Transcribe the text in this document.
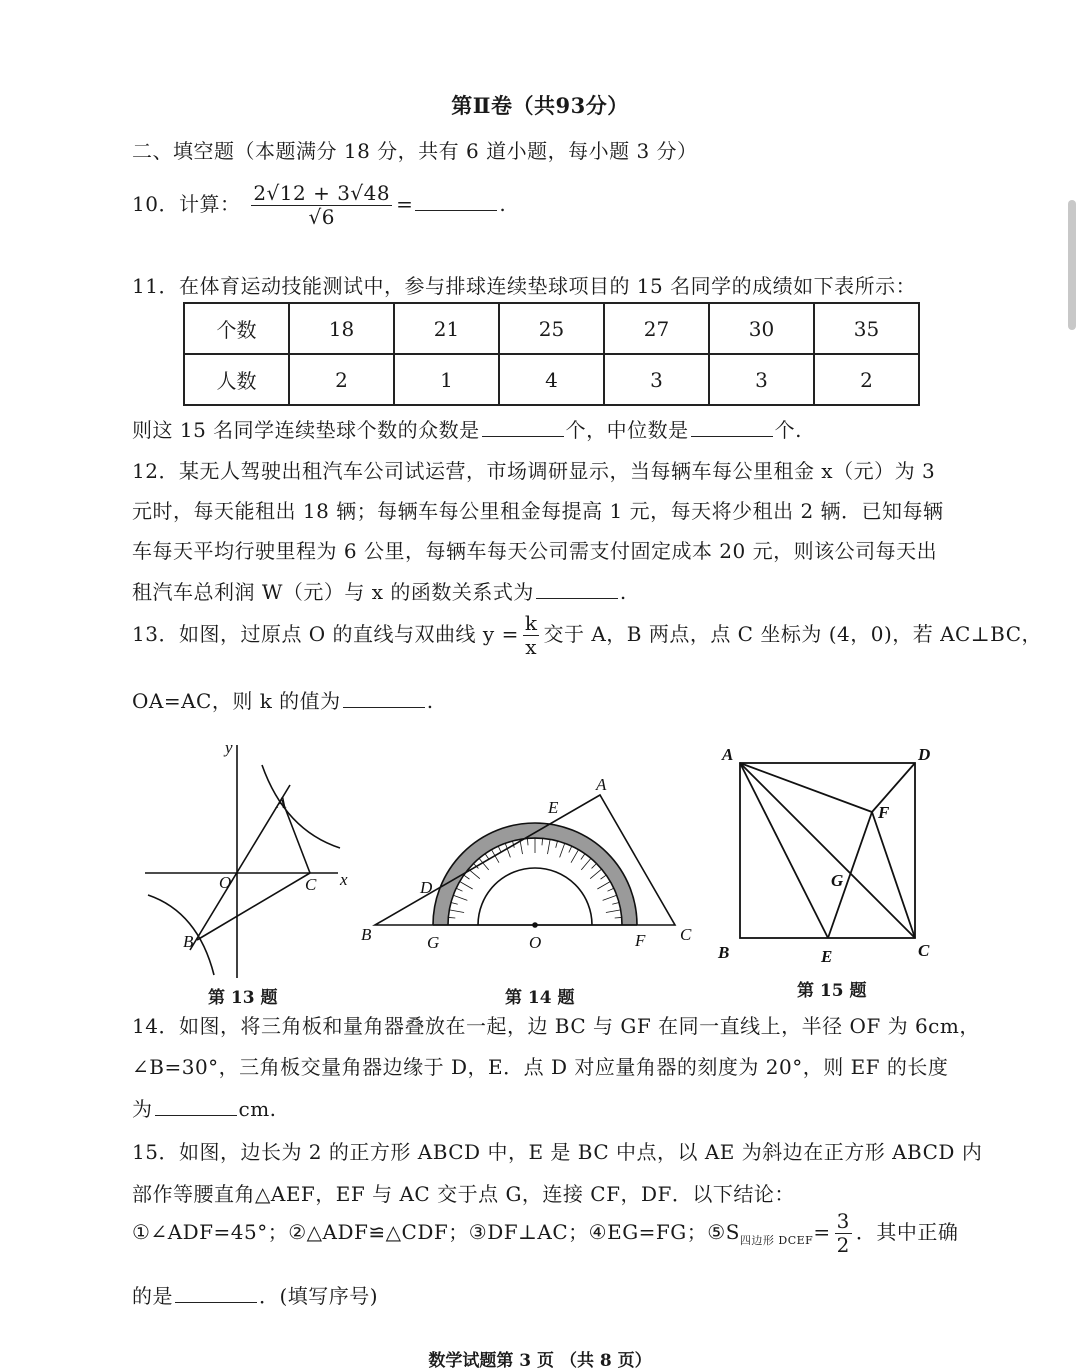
第Ⅱ卷（共93分）
二、填空题（本题满分 18 分，共有 6 道小题，每小题 3 分）
10．计算： $\frac{2√12 + 3√48}{√6}$ =	.
11．在体育运动技能测试中，参与排球连续垫球项目的 15 名同学的成绩如下表所示：
个数	18	21	25	27	30	35
人数	2	1	4	3	3	2
则这 15 名同学连续垫球个数的众数是	个，中位数是	个.
12．某无人驾驶出租汽车公司试运营，市场调研显示，当每辆车每公里租金 x（元）为 3
元时，每天能租出 18 辆；每辆车每公里租金每提高 1 元，每天将少租出 2 辆．已知每辆
车每天平均行驶里程为 6 公里，每辆车每天公司需支付固定成本 20 元，则该公司每天出
租汽车总利润 W（元）与 x 的函数关系式为	.
13．如图，过原点 O 的直线与双曲线 $y = \frac{k}{x}$ 交于 A，B 两点，点 C 坐标为 (4，0)，若 AC⊥BC，
OA=AC，则 k 的值为	.
y
x
O
A
C
B	B
A
C
D
E
G	O	F
A	D
B	C
E
F
G
第 13 题	第 14 题	第 15 题
14．如图，将三角板和量角器叠放在一起，边 BC 与 GF 在同一直线上，半径 OF 为 6cm，
∠B=30°，三角板交量角器边缘于 D，E．点 D 对应量角器的刻度为 20°，则 EF 的长度
为	cm.
15．如图，边长为 2 的正方形 ABCD 中，E 是 BC 中点，以 AE 为斜边在正方形 ABCD 内
部作等腰直角△AEF，EF 与 AC 交于点 G，连接 CF，DF．以下结论：
①∠ADF=45°；②△ADF≌△CDF；③DF⊥AC；④EG=FG；$⑤S_{四边形 DCEF}= \frac{3}{2}$ ．其中正确
的是	．(填写序号)
数学试题第 3 页 （共 8 页）
